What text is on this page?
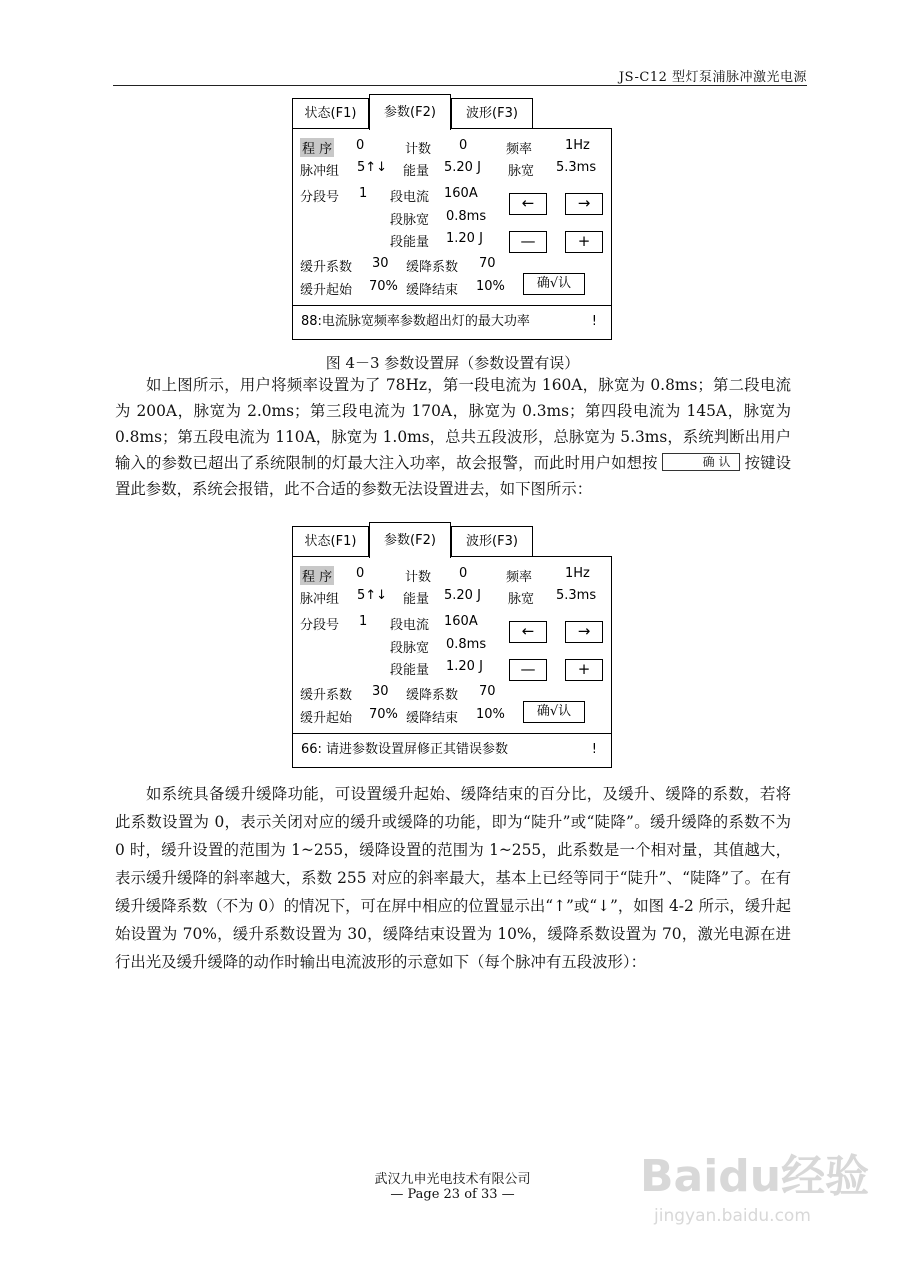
JS-C12 型灯泵浦脉冲激光电源
状态(F1)	参数(F2)	波形(F3)
程 序 0	计数 0	频率	1Hz
脉冲组 5↑↓ 能量 5.20 J 脉宽 5.3ms
分段号 1 段电流 160A
段脉宽 0.8ms
段能量 1.20 J
←	→
—	+
缓升系数 30 缓降系数 70
缓升起始 70% 缓降结束 10%	确√认
88:电流脉宽频率参数超出灯的最大功率	!
图 4－3 参数设置屏（参数设置有误）

如上图所示，用户将频率设置为了 78Hz，第一段电流为 160A，脉宽为 0.8ms；第二段电流为 200A，脉宽为 2.0ms；第三段电流为 170A，脉宽为 0.3ms；第四段电流为 145A，脉宽为 0.8ms；第五段电流为 110A，脉宽为 1.0ms，总共五段波形，总脉宽为 5.3ms，系统判断出用户输入的参数已超出了系统限制的灯最大注入功率，故会报警，而此时用户如想按	确 认 按键设置此参数，系统会报错，此不合适的参数无法设置进去，如下图所示：

状态(F1)	参数(F2)	波形(F3)
程 序 0	计数 0	频率	1Hz
脉冲组 5↑↓ 能量 5.20 J 脉宽 5.3ms
分段号 1 段电流 160A
段脉宽 0.8ms
段能量 1.20 J
←	→
—	+
缓升系数 30 缓降系数 70
缓升起始 70% 缓降结束 10%	确√认
66: 请进参数设置屏修正其错误参数	!

如系统具备缓升缓降功能，可设置缓升起始、缓降结束的百分比，及缓升、缓降的系数，若将此系数设置为 0，表示关闭对应的缓升或缓降的功能，即为“陡升”或“陡降”。缓升缓降的系数不为 0 时，缓升设置的范围为 1~255，缓降设置的范围为 1~255，此系数是一个相对量，其值越大，表示缓升缓降的斜率越大，系数 255 对应的斜率最大，基本上已经等同于“陡升”、“陡降”了。在有缓升缓降系数（不为 0）的情况下，可在屏中相应的位置显示出“↑”或“↓”，如图 4-2 所示，缓升起始设置为 70%，缓升系数设置为 30，缓降结束设置为 10%，缓降系数设置为 70，激光电源在进行出光及缓升缓降的动作时输出电流波形的示意如下（每个脉冲有五段波形）：

武汉九申光电技术有限公司
— Page 23 of 33 —	Baidu经验
jingyan.baidu.com
